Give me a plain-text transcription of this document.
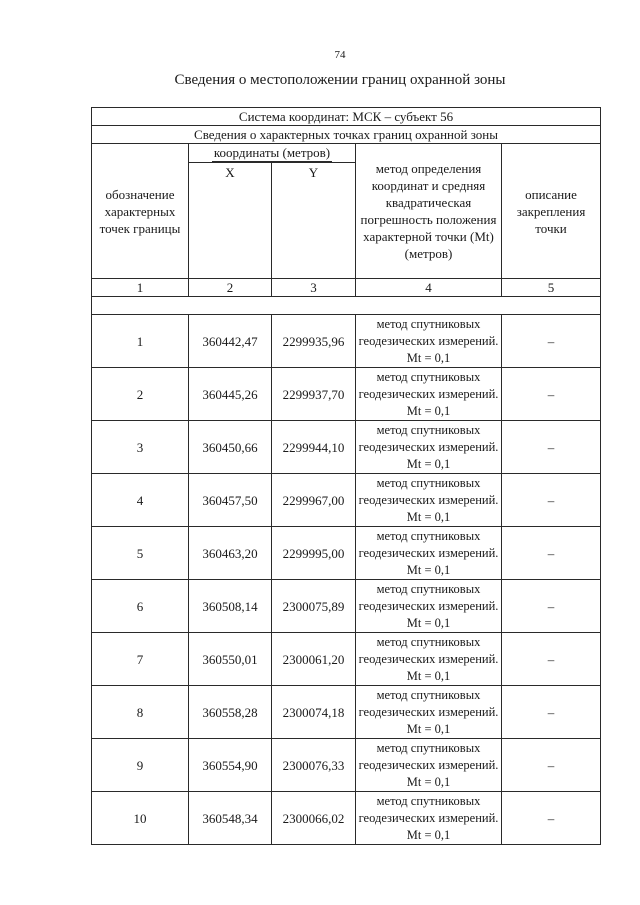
74
Сведения о местоположении границ охранной зоны
Система координат: МСК – субъект 56				
Сведения о характерных точках границ охранной зоны				
обозначение характерных точек границы	координаты (метров)		метод определения координат и средняя квадратическая погрешность положения характерной точки (Mt) (метров)	описание закрепления точки
	X	Y		
1	2	3	4	5

1	360442,47	2299935,96	метод спутниковых геодезических измерений. Mt = 0,1	–
2	360445,26	2299937,70	метод спутниковых геодезических измерений. Mt = 0,1	–
3	360450,66	2299944,10	метод спутниковых геодезических измерений. Mt = 0,1	–
4	360457,50	2299967,00	метод спутниковых геодезических измерений. Mt = 0,1	–
5	360463,20	2299995,00	метод спутниковых геодезических измерений. Mt = 0,1	–
6	360508,14	2300075,89	метод спутниковых геодезических измерений. Mt = 0,1	–
7	360550,01	2300061,20	метод спутниковых геодезических измерений. Mt = 0,1	–
8	360558,28	2300074,18	метод спутниковых геодезических измерений. Mt = 0,1	–
9	360554,90	2300076,33	метод спутниковых геодезических измерений. Mt = 0,1	–
10	360548,34	2300066,02	метод спутниковых геодезических измерений. Mt = 0,1	–
